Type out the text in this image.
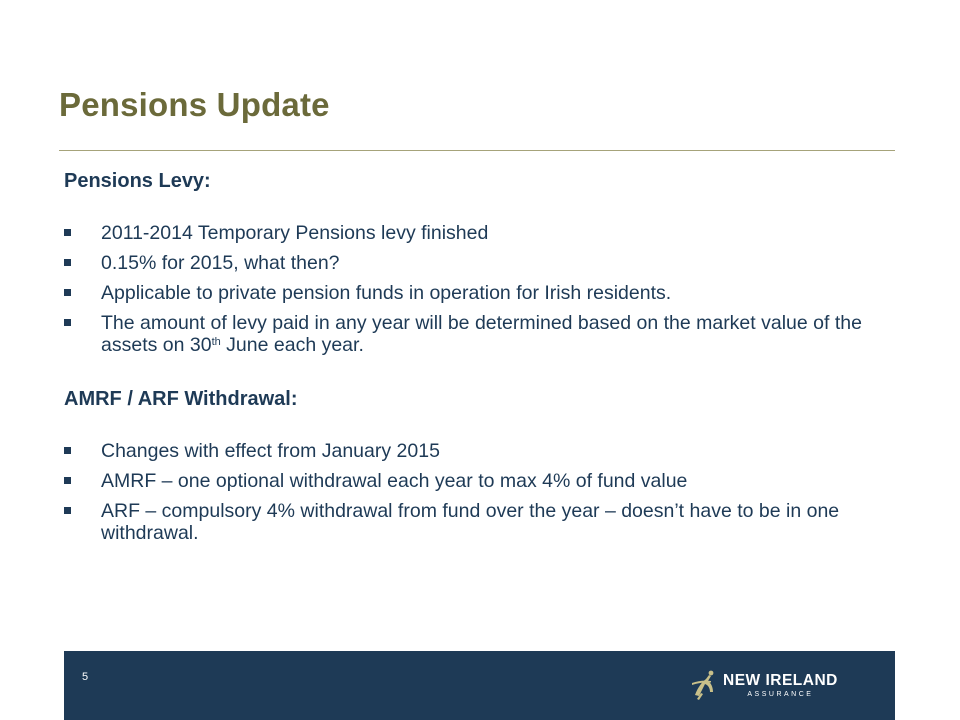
Pensions Update
Pensions Levy:
2011-2014 Temporary Pensions levy finished
0.15% for 2015, what then?
Applicable to private pension funds in operation for Irish residents.
The amount of levy paid in any year will be determined based on the market value of the assets on 30th June each year.
AMRF / ARF Withdrawal:
Changes with effect from January 2015
AMRF – one optional withdrawal each year to max 4% of fund value
ARF – compulsory 4% withdrawal from fund over the year – doesn’t have to be in one withdrawal.
5	NEW IRELAND
ASSURANCE
